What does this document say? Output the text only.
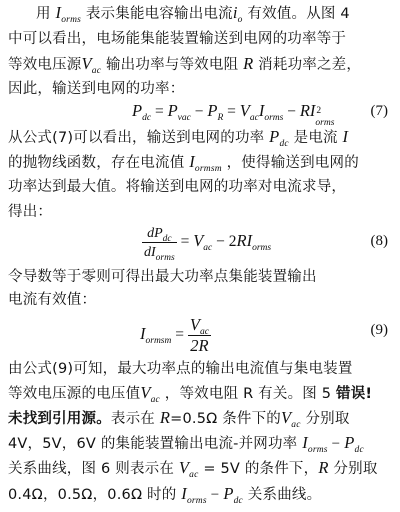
用 $I_{orms}$ 表示集能电容输出电流$i_o$ 有效值。从图 4
中可以看出，电场能集能装置输送到电网的功率等于
等效电压源$V_{ac}$ 输出功率与等效电阻 R 消耗功率之差，
因此，输送到电网的功率：
$P_{dc} = P_{vac} - P_R = V_{ac}I_{orms}$ − RI 2
orms
(7)
从公式(7)可以看出，输送到电网的功率 $P_{dc}$ 是电流 I
的抛物线函数，存在电流值 $I_{ormsm}$ ，使得输送到电网的
功率达到最大值。将输送到电网的功率对电流求导，
得出：
$\frac{dP_{dc}}{dI_{orms}} = V_{ac} - 2RI_{orms}$	(8)
令导数等于零则可得出最大功率点集能装置输出
电流有效值：
$I_{ormsm} = \frac{V_{ac}}{2R}$	(9)
由公式(9)可知，最大功率点的输出电流值与集电装置
等效电压源的电压值$V_{ac}$ ，等效电阻 R 有关。图 5 错误!
未找到引用源。表示在 R=0.5Ω 条件下的$V_{ac}$ 分别取
4V，5V，6V 的集能装置输出电流-并网功率 $I_{orms} - P_{dc}$
关系曲线，图 6 则表示在 $V_{ac} = 5V$ 的条件下，R 分别取
0.4Ω，0.5Ω，0.6Ω 时的 $I_{orms} - P_{dc}$ 关系曲线。
